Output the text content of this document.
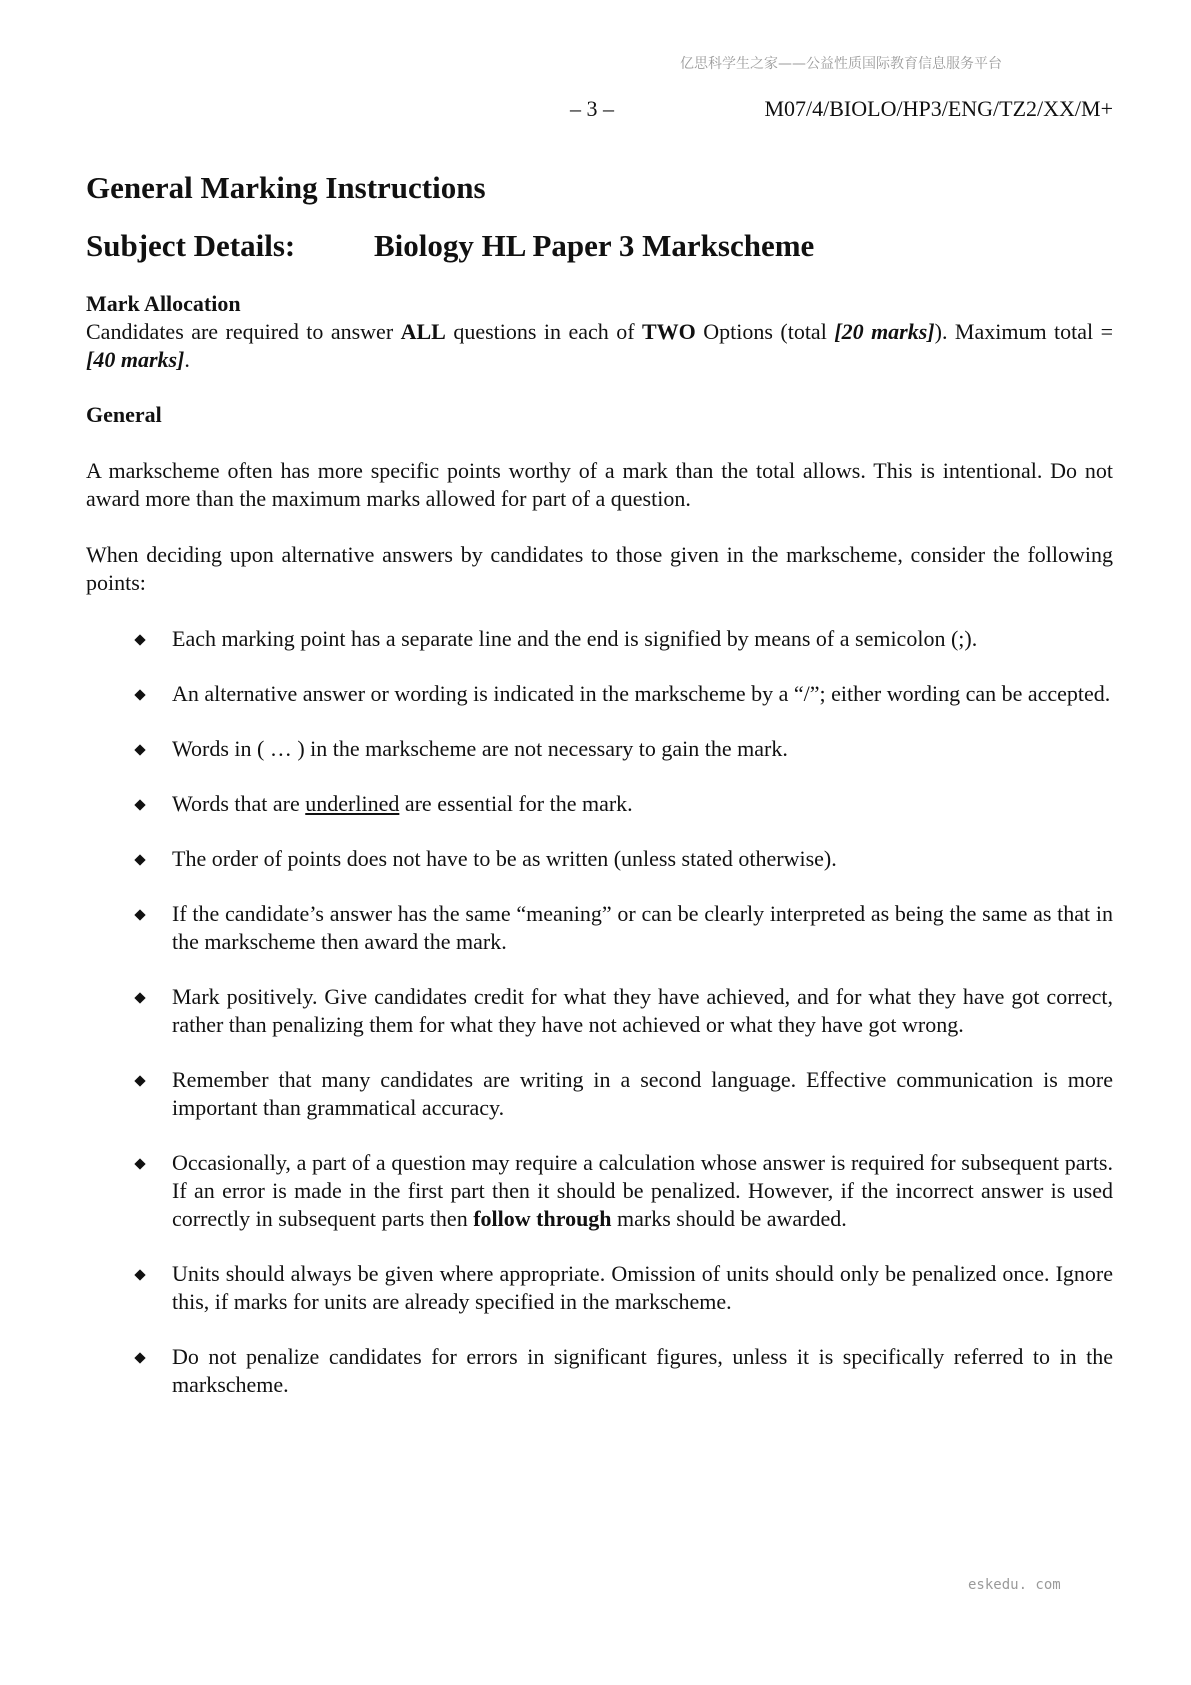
亿思科学生之家——公益性质国际教育信息服务平台
– 3 –	M07/4/BIOLO/HP3/ENG/TZ2/XX/M+
General Marking Instructions
Subject Details:	Biology HL Paper 3 Markscheme
Mark Allocation

Candidates are required to answer ALL questions in each of TWO Options (total [20 marks]). Maximum total = [40 marks].

General

A markscheme often has more specific points worthy of a mark than the total allows. This is intentional. Do not award more than the maximum marks allowed for part of a question.

When deciding upon alternative answers by candidates to those given in the markscheme, consider the following points:

Each marking point has a separate line and the end is signified by means of a semicolon (;).
An alternative answer or wording is indicated in the markscheme by a “/”; either wording can be accepted.
Words in ( … ) in the markscheme are not necessary to gain the mark.
Words that are underlined are essential for the mark.
The order of points does not have to be as written (unless stated otherwise).
If the candidate’s answer has the same “meaning” or can be clearly interpreted as being the same as that in the markscheme then award the mark.
Mark positively. Give candidates credit for what they have achieved, and for what they have got correct, rather than penalizing them for what they have not achieved or what they have got wrong.
Remember that many candidates are writing in a second language. Effective communication is more important than grammatical accuracy.
Occasionally, a part of a question may require a calculation whose answer is required for subsequent parts. If an error is made in the first part then it should be penalized. However, if the incorrect answer is used correctly in subsequent parts then follow through marks should be awarded.
Units should always be given where appropriate. Omission of units should only be penalized once. Ignore this, if marks for units are already specified in the markscheme.
Do not penalize candidates for errors in significant figures, unless it is specifically referred to in the markscheme.
eskedu. com
